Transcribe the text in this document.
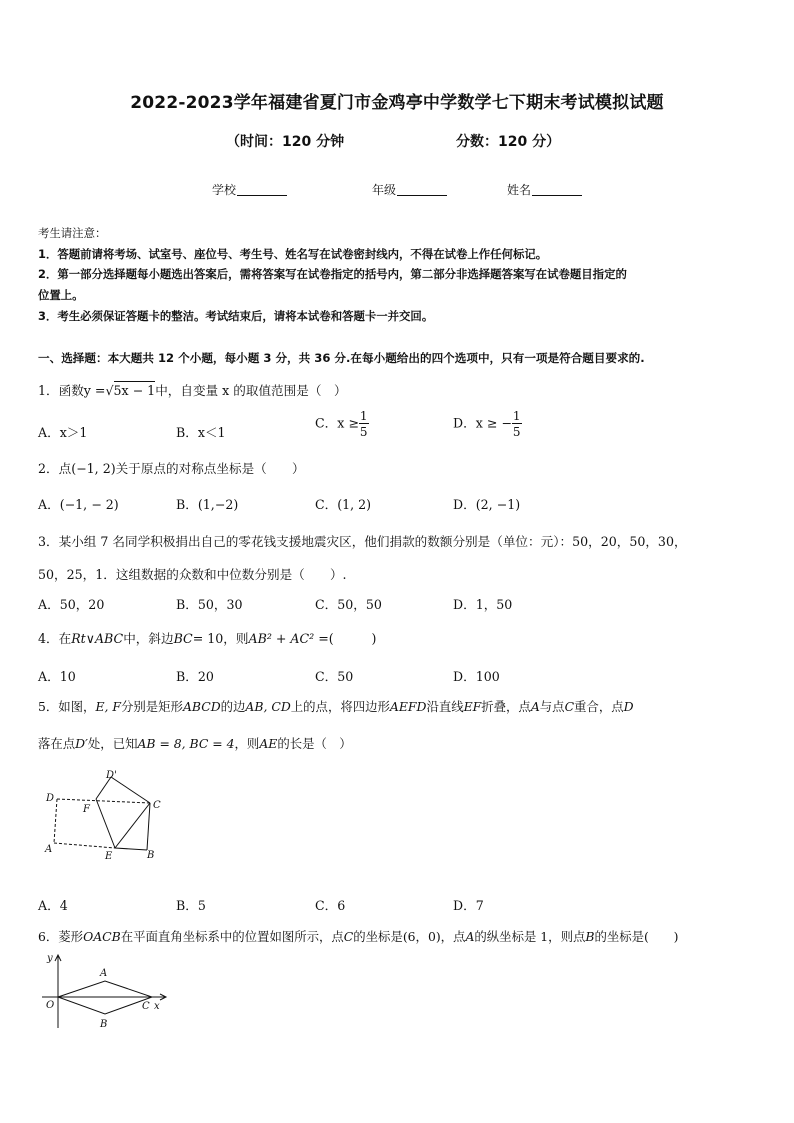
2022-2023学年福建省夏门市金鸡亭中学数学七下期末考试模拟试题
（时间：120 分钟	分数：120 分）
学校	年级	姓名
考生请注意：
1．答题前请将考场、试室号、座位号、考生号、姓名写在试卷密封线内，不得在试卷上作任何标记。
2．第一部分选择题每小题选出答案后，需将答案写在试卷指定的括号内，第二部分非选择题答案写在试卷题目指定的
位置上。
3．考生必须保证答题卡的整洁。考试结束后，请将本试卷和答题卡一并交回。
一、选择题：本大题共 12 个小题，每小题 3 分，共 36 分.在每小题给出的四个选项中，只有一项是符合题目要求的.
1．函数y =√5x − 1中，自变量 x 的取值范围是（　）
A．x＞1	B．x＜1
C．$x \ge \frac{1}{5}$	D．x ≥ − $\frac{1}{5}$
2．点(−1, 2)关于原点的对称点坐标是（　　）
A．(−1, − 2)	B．(1,−2)	C．(1, 2)	D．(2, −1)
3．某小组 7 名同学积极捐出自己的零花钱支援地震灾区，他们捐款的数额分别是（单位：元）：50，20，50，30，
50，25，1．这组数据的众数和中位数分别是（　　）.
A．50，20	B．50，30	C．50，50	D．1，50
4．在Rt∨ABC中，斜边BC= 10，则AB² + AC² =(　　　)
A．10	B．20	C．50	D．100
5．如图，E, F分别是矩形ABCD的边AB, CD上的点，将四边形AEFD沿直线EF折叠，点A与点C重合，点D
落在点D′处，已知AB = 8, BC = 4，则AE的长是（　）
D
D'
F	C
A
E	B
A．4	B．5	C．6	D．7
6．菱形OACB在平面直角坐标系中的位置如图所示，点C的坐标是(6，0)，点A的纵坐标是 1，则点B的坐标是(　　)
y
x
O
A
B
C
